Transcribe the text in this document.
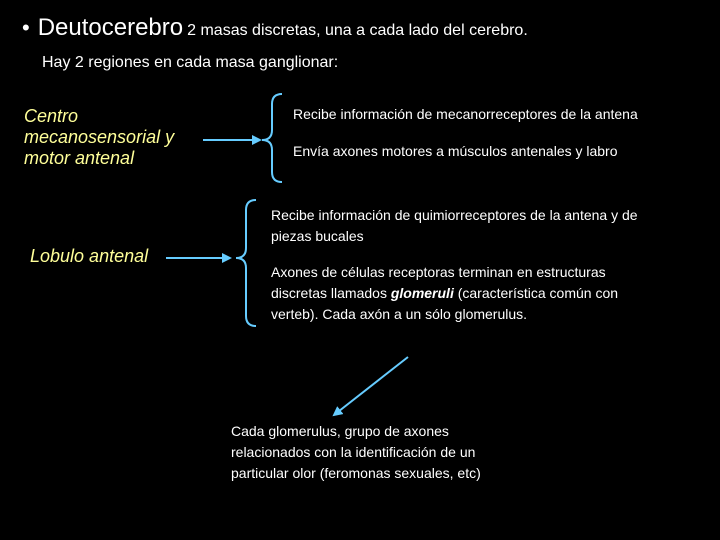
• Deutocerebro 2 masas discretas, una a cada lado del cerebro.
Hay 2 regiones en cada masa ganglionar:
Centro
mecanosensorial y
motor antenal
Recibe información de mecanorreceptores de la antena
Envía axones motores a músculos antenales y labro
Lobulo antenal
Recibe información de quimiorreceptores de la antena y de
piezas bucales
Axones de células receptoras terminan en estructuras
discretas llamados glomeruli (característica común con
verteb). Cada axón a un sólo glomerulus.
Cada glomerulus, grupo de axones
relacionados con la identificación de un
particular olor (feromonas sexuales, etc)
